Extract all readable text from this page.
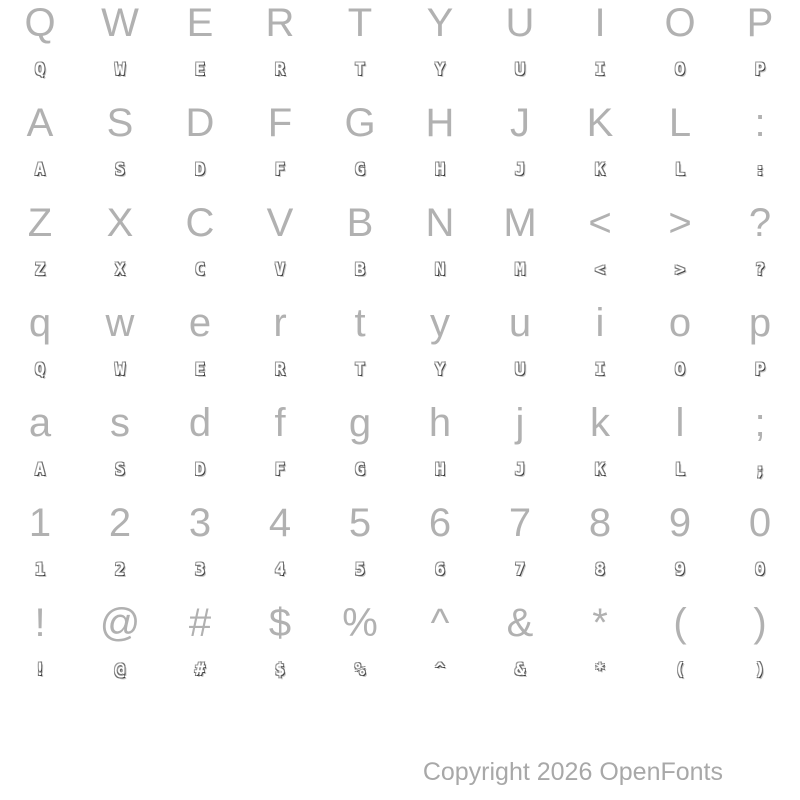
Q	W	E	R	T	Y	U	I	O	P
Q	W	E	R	T	Y	U	I	O	P
A	S	D	F	G	H	J	K	L	:
A	S	D	F	G	H	J	K	L	:
Z	X	C	V	B	N	M	<	>	?
Z	X	C	V	B	N	M	<	>	?
q	w	e	r	t	y	u	i	o	p
Q	W	E	R	T	Y	U	I	O	P
a	s	d	f	g	h	j	k	l	;
A	S	D	F	G	H	J	K	L	;
1	2	3	4	5	6	7	8	9	0
1	2	3	4	5	6	7	8	9	0
!	@	#	$	%	^	&	*	(	)
!	@	#	$	%	^	&	*	(	)
Copyright 2026 OpenFonts
